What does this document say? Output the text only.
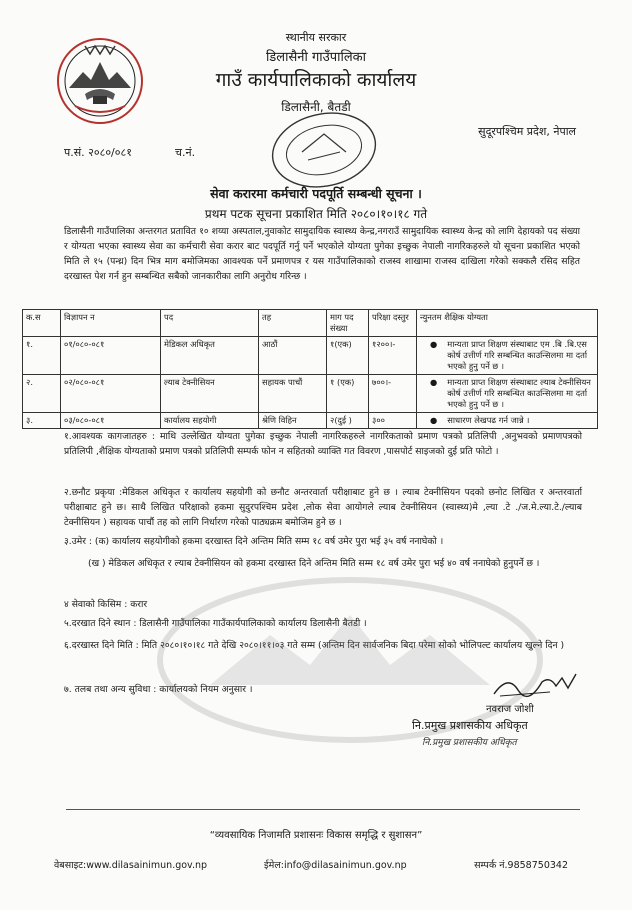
स्थानीय सरकार
डिलासैनी गाउँपालिका
गाउँ कार्यपालिकाको कार्यालय
डिलासैनी, बैतडी
सुदूरपश्चिम प्रदेश, नेपाल
प.सं. २०८०/०८१	च.नं.
सेवा करारमा कर्मचारी पदपूर्ति सम्बन्धी सूचना ।
प्रथम पटक सूचना प्रकाशित मिति २०८०।१०।१८ गते
डिलासैनी गाउँपालिका अन्तरगत प्रतावित १० शय्या अस्पताल,नुवाकोट सामुदायिक स्वास्थ्य केन्द्र,नगराउँ सामुदायिक स्वास्थ्य केन्द्र को लागि देहायको पद संख्या र योग्यता भएका स्वास्थ्य सेवा का कर्मचारी सेवा करार बाट पदपूर्ति गर्नु पर्ने भएकोले योग्यता पुगेका इच्छुक नेपाली नागरिकहरुले यो सूचना प्रकाशित भएको मिति ले १५ (पन्ध्र) दिन भित्र माग बमोजिमका आवश्यक पर्ने प्रमाणपत्र र यस गाउँपालिकाको राजस्व शाखामा राजस्व दाखिला गरेको सक्कलै रसिद सहित दरखास्त पेश गर्न हुन सम्बन्धित सबैको जानकारीका लागि अनुरोध गरिन्छ ।
क.स	विज्ञापन न	पद	तह	माग पद संख्या	परिक्षा दस्तुर	न्युनतम शैक्षिक योग्यता
१.	०१/०८०-०८१	मेडिकल अधिकृत	आठौं	१(एक)	१२००।-	● मान्यता प्राप्त शिक्षण संस्थाबाट एम .बि .बि.एस कोर्ष उत्तीर्ण गरि सम्बन्धित काउन्सिलमा मा दर्ता भएको हुनु पर्ने छ ।

२.	०२/०८०-०८१	ल्याब टेक्नीसियन	सहायक पाचौं	१ (एक)	७००।-	● मान्यता प्राप्त शिक्षण संस्थाबाट ल्याब टेक्नीसियन कोर्ष उत्तीर्ण गरि सम्बन्धित काउन्सिलमा मा दर्ता भएको हुनु पर्ने छ ।

३.	०३/०८०-०८१	कार्यालय सहयोगी	श्रेणि विहिन	२(दुई )	३००	● साधारण लेखपढ गर्न जान्ने ।
१.आवश्यक कागजातहरु : माथि उल्लेखित योग्यता पुगेका इच्छुक नेपाली नागरिकहरुले नागरिकताको प्रमाण पत्रको प्रतिलिपी ,अनुभवको प्रमाणपत्रको प्रतिलिपी ,शैक्षिक योग्यताको प्रमाण पत्रको प्रतिलिपी सम्पर्क फोन न सहितको व्याक्ति गत विवरण ,पासपोर्ट साइजको दुई प्रति फोटो ।
२.छनौट प्रकृया :मेडिकल अधिकृत र कार्यालय सहयोगी को छनौट अन्तरवार्ता परीक्षाबाट हुने छ । ल्याब टेक्नीसियन पदको छनोट लिखित र अन्तरवार्ता परीक्षाबाट हुने छ। साथै लिखित परिक्षाको हकमा सुदुरपश्चिम प्रदेश ,लोक सेवा आयोगले ल्याब टेक्नीसियन (स्वास्थ्य)मे ,ल्या .टे ./ज.मे.ल्या.टे./ल्याब टेक्नीसियन ) सहायक पाचौं तह को लागि निर्धारण गरेको पाठ्यक्रम बमोजिम हुने छ ।
३.उमेर : (क) कार्यालय सहयोगीको हकमा दरखास्त दिने अन्तिम मिति सम्म १८ वर्ष उमेर पुरा भई ३५ वर्ष ननाघेको ।
(ख ) मेडिकल अधिकृत र ल्याब टेक्नीसियन को हकमा दरखास्त दिने अन्तिम मिति सम्म १८ वर्ष उमेर पुरा भई ४० वर्ष ननाघेको हुनुपर्ने छ ।
४ सेवाको किसिम : करार
५.दरखात दिने स्थान : डिलासैनी गाउँपालिका गाउँकार्यपालिकाको कार्यालय डिलासैनी बैतडी ।
६.दरखास्त दिने मिति : मिति २०८०।१०।१८ गते देखि २०८०।११।०३ गते सम्म (अन्तिम दिन सार्वजनिक बिदा परेमा सोको भोलिपल्ट कार्यालय खुल्ने दिन )
७. तलब तथा अन्य सुविधा : कार्यालयको नियम अनुसार ।
नवराज जोशी
नि.प्रमुख प्रशासकीय अधिकृत
नि.प्रमुख प्रशासकीय अधिकृत
“व्यवसायिक निजामति प्रशासनः विकास समृद्धि र सुशासन”
वेबसाइट:www.dilasainimun.gov.np	ईमेल:info@dilasainimun.gov.np	सम्पर्क नं.9858750342
